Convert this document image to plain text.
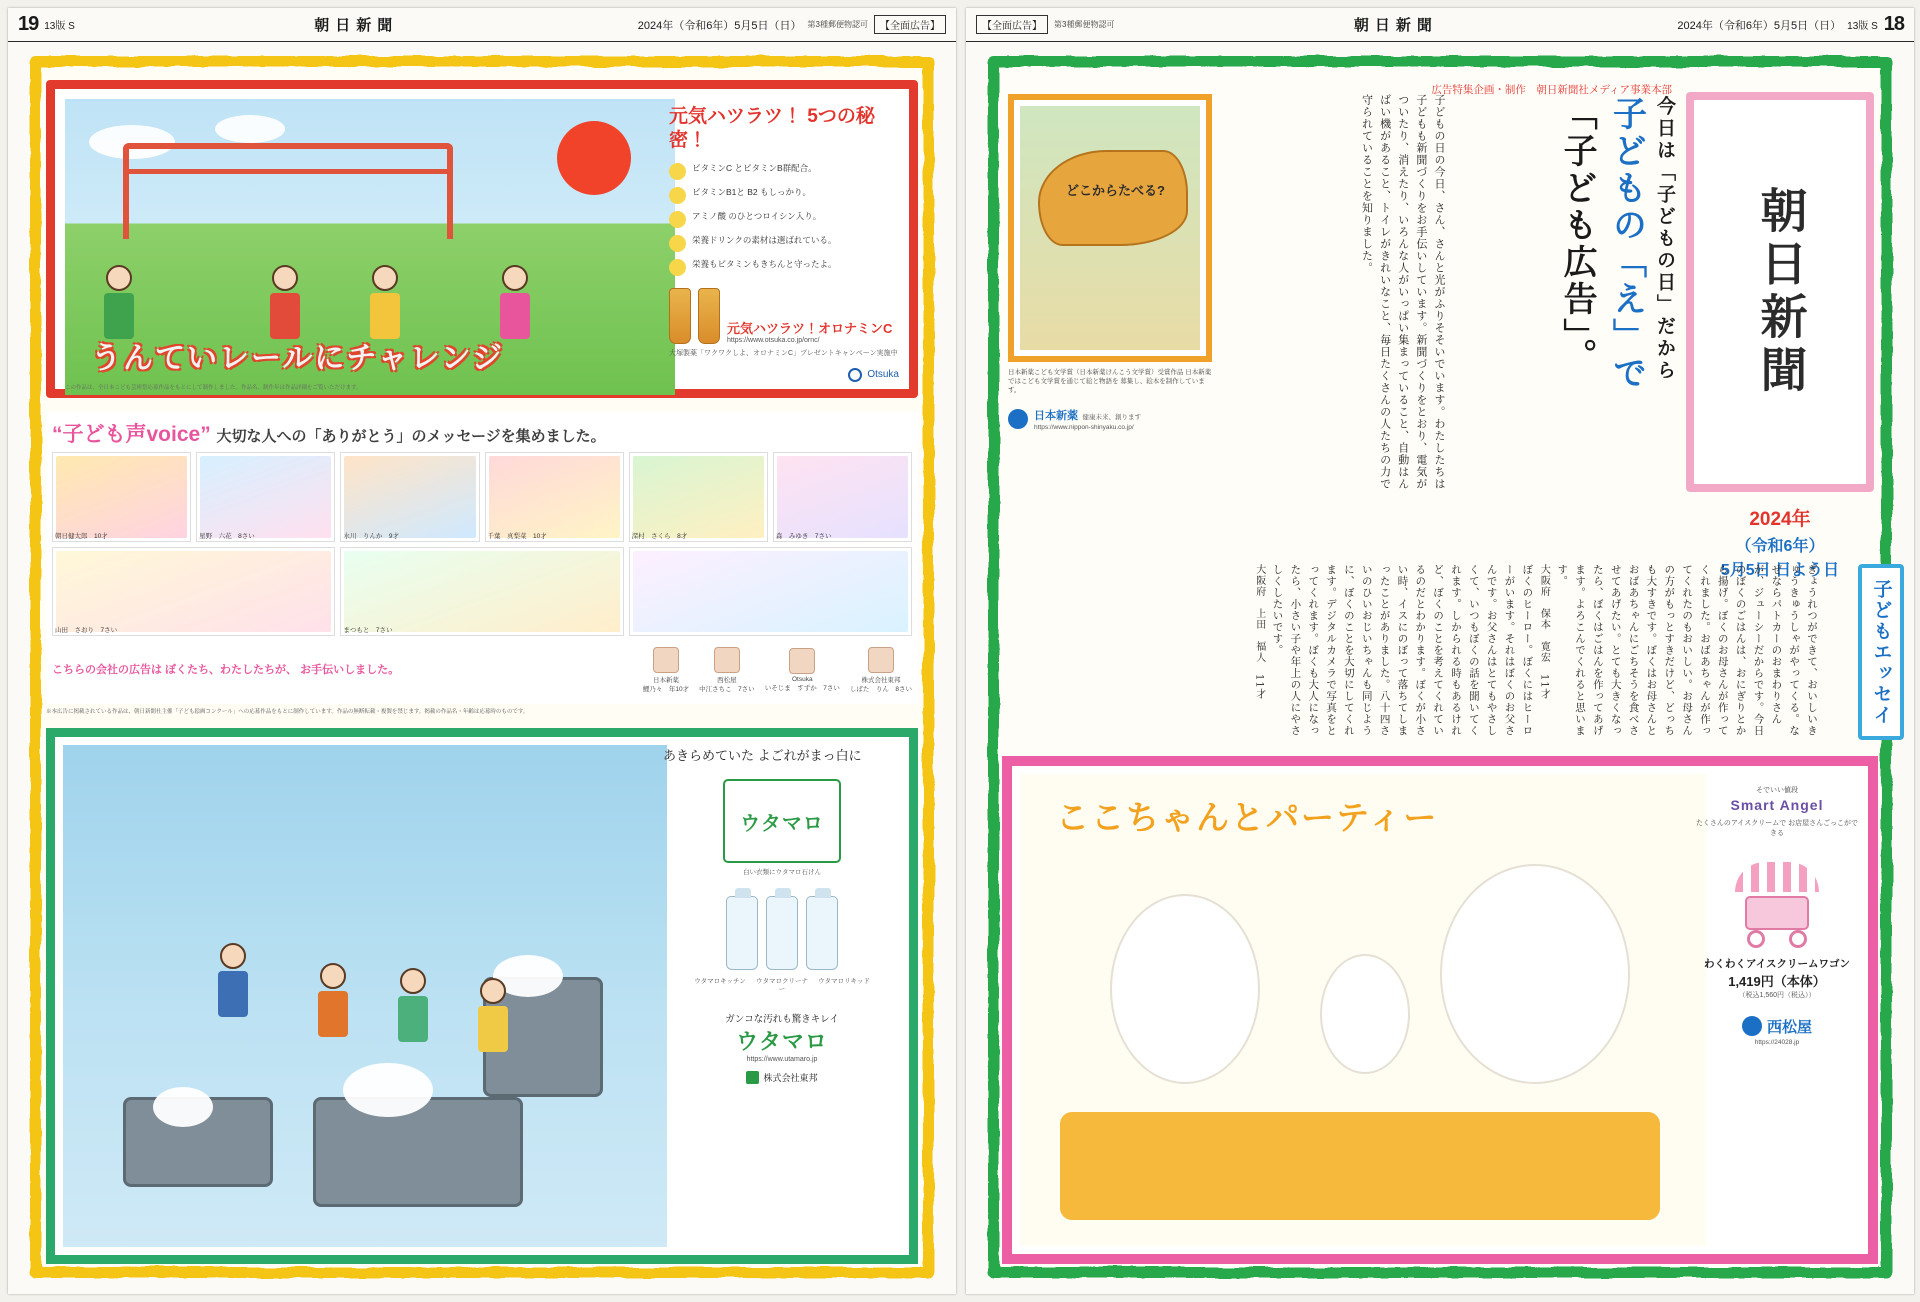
19 13版 S	朝日新聞	2024年（令和6年）5月5日（日） 第3種郵便物認可	【全面広告】
うんていレールにチャレンジ
元気ハツラツ！ 5つの秘密！
ビタミンC とビタミンB群配合。
ビタミンB1と B2 もしっかり。
アミノ酸 のひとつロイシン入り。
栄養ドリンクの素材は選ばれている。
栄養もビタミンもきちんと守ったよ。
元気ハツラツ！オロナミンC
https://www.otsuka.co.jp/ornc/
大塚製薬「ワクワクしよ、オロナミンC」プレゼントキャンペーン実施中
Otsuka
この作品は、全日本こども芸術祭応募作品をもとにして制作しました。作品名、制作年は作品詳細をご覧いただけます。
“子ども声voice” 大切な人への「ありがとう」のメッセージを集めました。
朝日健太郎　10才	星野　六花　8さい	水川　りんか　9才	千葉　真梨菜　10才	深村　さくら　8才	森　みゆき　7さい
山田　さおり　7さい	まつもと　7さい
こちらの会社の広告は ぼくたち、わたしたちが、 お手伝いしました。
日本新薬
鯉乃々　年10才
西松屋
中江さちこ　7さい
Otsuka
いそじま　すずか　7さい
株式会社東邦
しばた　りん　8さい
※本広告に掲載されている作品は、朝日新聞社主催「子ども絵画コンクール」への応募作品をもとに制作しています。作品の無断転載・複製を禁じます。掲載の作品名・年齢は応募時のものです。
あきらめていた よごれがまっ白に
ウタマロ
白い衣類にウタマロ石けん
ウタマロキッチン ウタマロクリーナー
ウタマロリキッド
ガンコな汚れも驚きキレイ
ウタマロ
https://www.utamaro.jp
株式会社東邦
【全面広告】	第3種郵便物認可	朝日新聞	2024年（令和6年）5月5日（日） 13版 S 18
広告特集企画・制作　朝日新聞社メディア事業本部
朝日新聞
2024年
（令和6年）
5月5日 日よう日
今日は「子どもの日」だから
子どもの「え」で
「子ども広告」。
子どもの日の今日、さん、さんと光がふりそそいでいます。わたしたちは子どもも新聞づくりをお手伝いしています。新聞づくりをとおり、電気がついたり、消えたり、いろんな人がいっぱい集まっていること、自動はんばい機があること、トイレがきれいなこと、毎日たくさんの人たちの力で守られていることを知りました。
どこからたべる?
日本新薬こども文学賞（日本新薬けんこう文学賞）受賞作品 日本新薬ではこども文学賞を通じて絵と物語を 募集し、絵本を制作しています。
日本新薬 健康未来、創ります
https://www.nippon-shinyaku.co.jp/
子どもエッセイ
ぎょうれつができて、おいしいきゅうきゅうしゃがやってくる。なぜならパトカーのおまわりさんが、ジューシーだからです。今日のぼくのごはんは、おにぎりとから揚げ。ぼくのお母さんが作ってくれました。おばあちゃんが作ってくれたのもおいしい。お母さんの方がもっとすきだけど、どっちも大すきです。ぼくはお母さんとおばあちゃんにごちそうを食べさせてあげたい。とても大きくなったら、ぼくはごはんを作ってあげます。よろこんでくれると思います。
大阪府　保本　寛宏　11才
ぼくのヒーロー。ぼくにはヒーローがいます。それはぼくのお父さんです。お父さんはとてもやさしくて、いつもぼくの話を聞いてくれます。しかられる時もあるけれど、ぼくのことを考えてくれているのだとわかります。ぼくが小さい時、イスにのぼって落ちてしまったことがありました。八十四さいのひいおじいちゃんも同じように、ぼくのことを大切にしてくれます。デジタルカメラで写真をとってくれます。ぼくも大人になったら、小さい子や年上の人にやさしくしたいです。
大阪府　上田　福人　11才
ここちゃんとパーティー
そでいい値段
Smart Angel
たくさんのアイスクリームで お店屋さんごっこができる
わくわくアイスクリームワゴン
1,419円（本体）
（税込1,560円（税込））
西松屋
https://24028.jp
